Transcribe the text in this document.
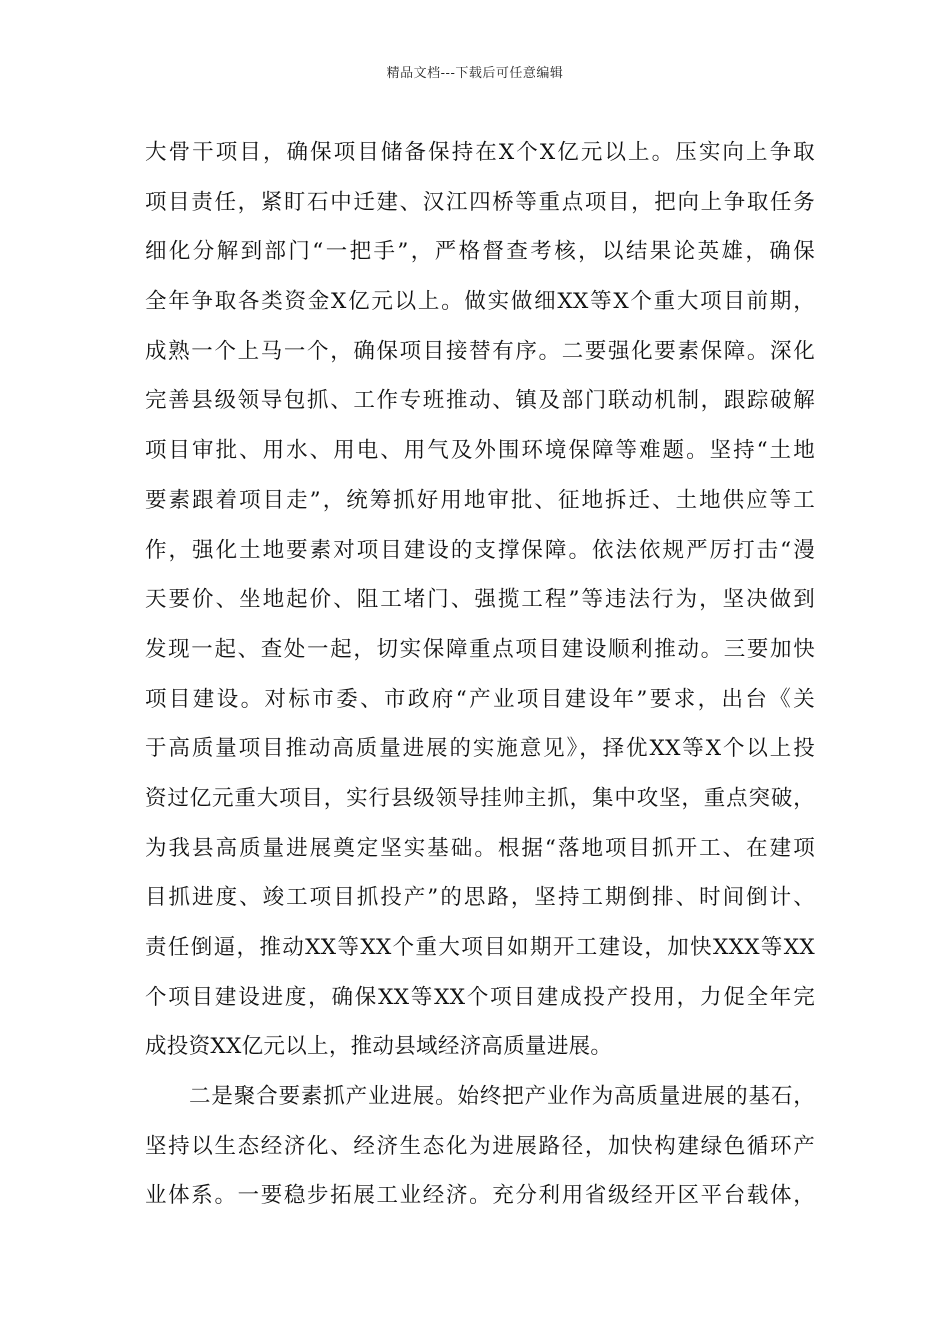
精品文档---下载后可任意编辑
大骨干项目，确保项目储备保持在X个X亿元以上。压实向上争取
项目责任，紧盯石中迁建、汉江四桥等重点项目，把向上争取任务
细化分解到部门“一把手”，严格督查考核，以结果论英雄，确保
全年争取各类资金X亿元以上。做实做细XX等X个重大项目前期，
成熟一个上马一个，确保项目接替有序。二要强化要素保障。深化
完善县级领导包抓、工作专班推动、镇及部门联动机制，跟踪破解
项目审批、用水、用电、用气及外围环境保障等难题。坚持“土地
要素跟着项目走”，统筹抓好用地审批、征地拆迁、土地供应等工
作，强化土地要素对项目建设的支撑保障。依法依规严厉打击“漫
天要价、坐地起价、阻工堵门、强揽工程”等违法行为，坚决做到
发现一起、查处一起，切实保障重点项目建设顺利推动。三要加快
项目建设。对标市委、市政府“产业项目建设年”要求，出台《关
于高质量项目推动高质量进展的实施意见》，择优XX等X个以上投
资过亿元重大项目，实行县级领导挂帅主抓，集中攻坚，重点突破，
为我县高质量进展奠定坚实基础。根据“落地项目抓开工、在建项
目抓进度、竣工项目抓投产”的思路，坚持工期倒排、时间倒计、
责任倒逼，推动XX等XX个重大项目如期开工建设，加快XXX等XX
个项目建设进度，确保XX等XX个项目建成投产投用，力促全年完
成投资XX亿元以上，推动县域经济高质量进展。
二是聚合要素抓产业进展。始终把产业作为高质量进展的基石，
坚持以生态经济化、经济生态化为进展路径，加快构建绿色循环产
业体系。一要稳步拓展工业经济。充分利用省级经开区平台载体，
